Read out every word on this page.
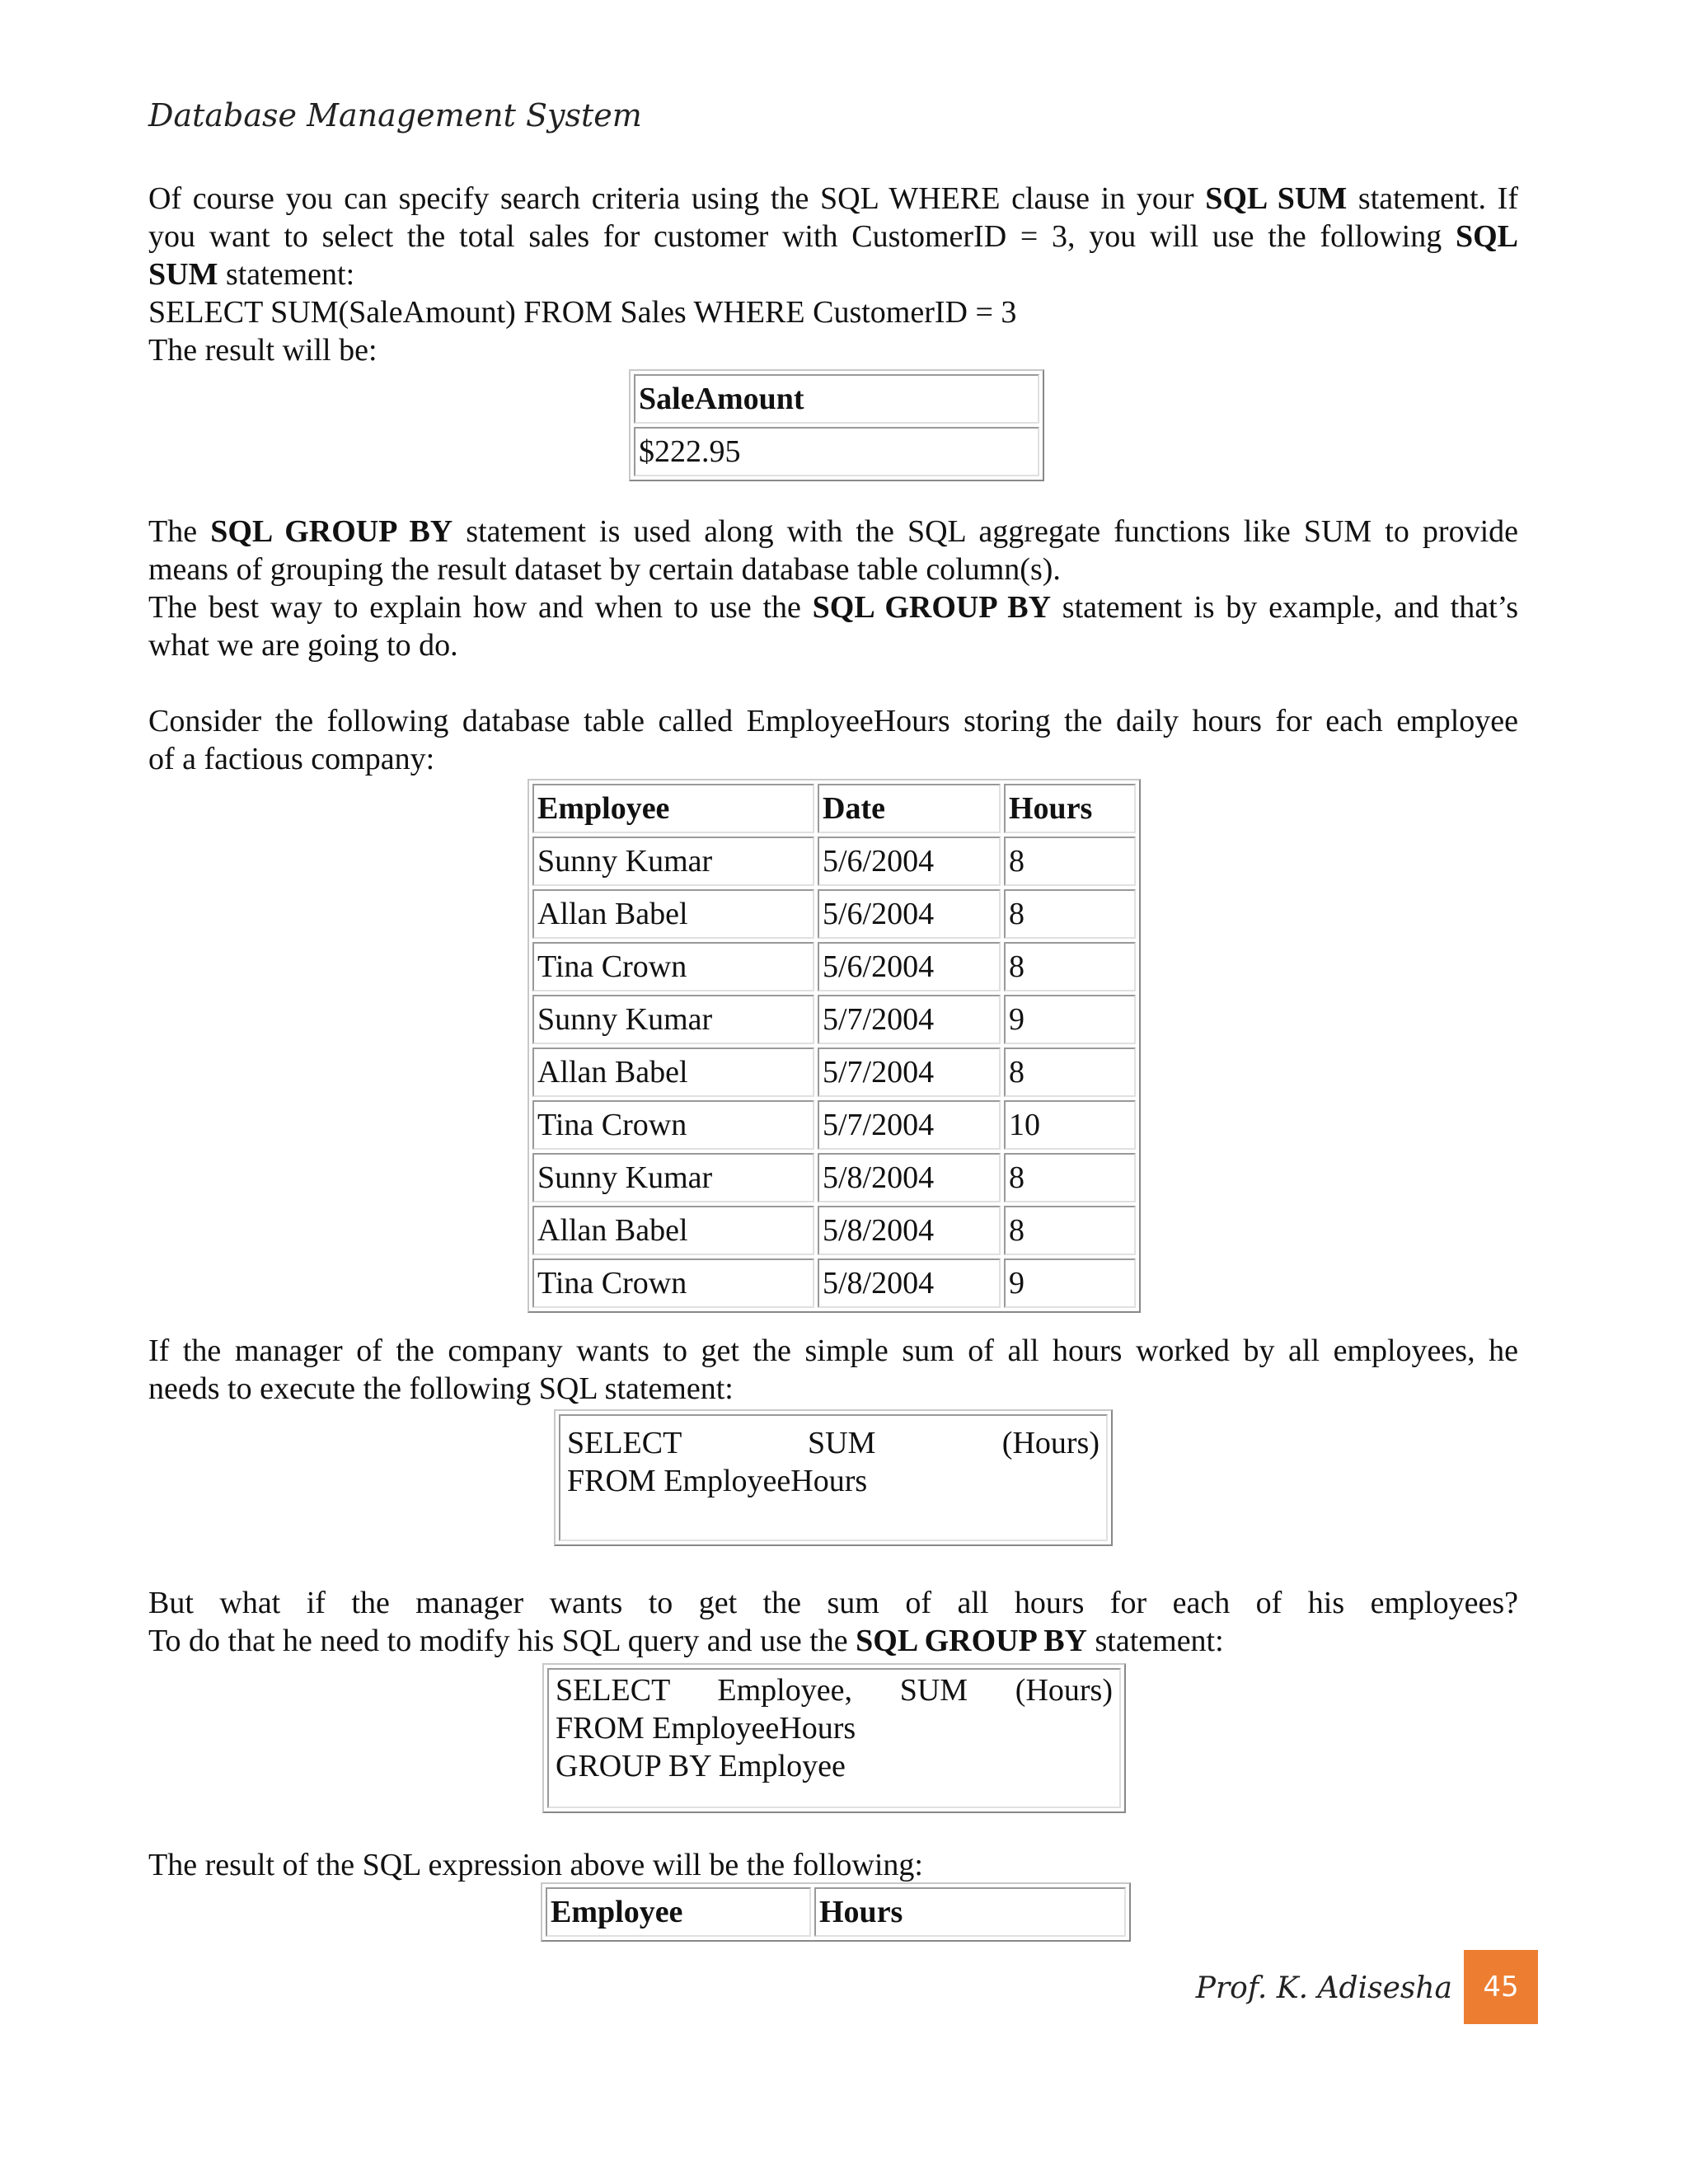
Database Management System
Of course you can specify search criteria using the SQL WHERE clause in your SQL SUM statement. If
you want to select the total sales for customer with CustomerID = 3, you will use the following SQL
SUM statement:
SELECT SUM(SaleAmount) FROM Sales WHERE CustomerID = 3
The result will be:
SaleAmount
$222.95
The SQL GROUP BY statement is used along with the SQL aggregate functions like SUM to provide
means of grouping the result dataset by certain database table column(s).
The best way to explain how and when to use the SQL GROUP BY statement is by example, and that’s
what we are going to do.
Consider the following database table called EmployeeHours storing the daily hours for each employee
of a factious company:
Employee	Date	Hours
Sunny Kumar	5/6/2004	8
Allan Babel	5/6/2004	8
Tina Crown	5/6/2004	8
Sunny Kumar	5/7/2004	9
Allan Babel	5/7/2004	8
Tina Crown	5/7/2004	10
Sunny Kumar	5/8/2004	8
Allan Babel	5/8/2004	8
Tina Crown	5/8/2004	9
If the manager of the company wants to get the simple sum of all hours worked by all employees, he
needs to execute the following SQL statement:
SELECT SUM (Hours)
FROM EmployeeHours
But what if the manager wants to get the sum of all hours for each of his employees?
To do that he need to modify his SQL query and use the SQL GROUP BY statement:
SELECT Employee, SUM (Hours)
FROM EmployeeHours
GROUP BY Employee
The result of the SQL expression above will be the following:
Employee	Hours
Prof. K. Adisesha	45
